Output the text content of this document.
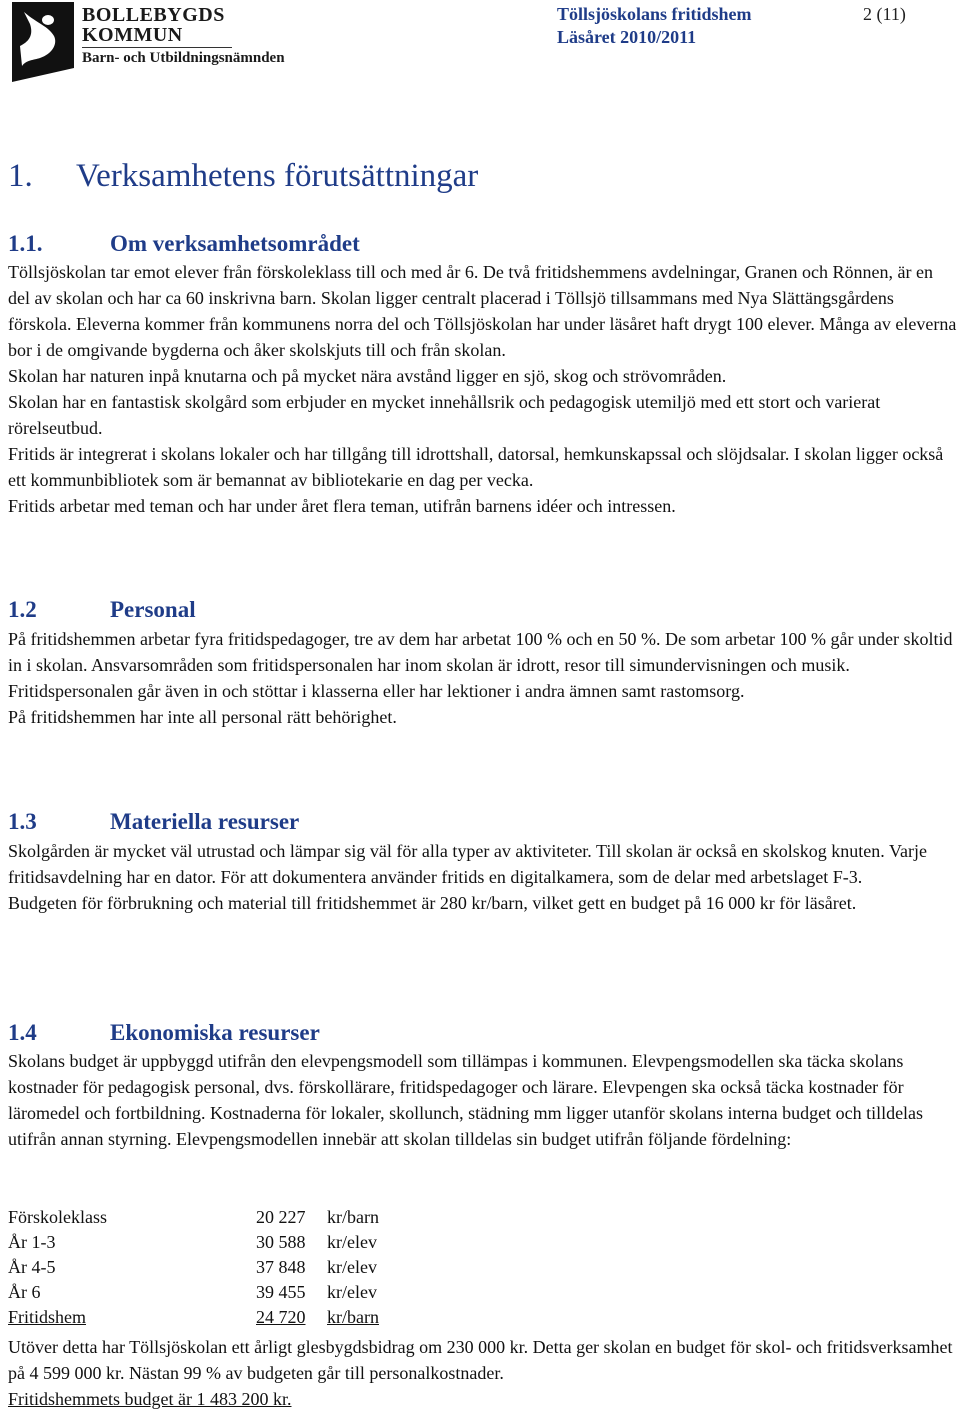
BOLLEBYGDS
KOMMUN
Barn- och Utbildningsnämnden
Töllsjöskolans fritidshem
Läsåret 2010/2011
2 (11)
1. Verksamhetens förutsättningar
1.1.	Om verksamhetsområdet

Töllsjöskolan tar emot elever från förskoleklass till och med år 6. De två fritidshemmens avdelningar, Granen och Rönnen, är en del av skolan och har ca 60 inskrivna barn. Skolan ligger centralt placerad i Töllsjö tillsammans med Nya Slättängsgårdens förskola. Eleverna kommer från kommunens norra del och Töllsjöskolan har under läsåret haft drygt 100 elever. Många av eleverna bor i de omgivande bygderna och åker skolskjuts till och från skolan.

Skolan har naturen inpå knutarna och på mycket nära avstånd ligger en sjö, skog och strövområden.

Skolan har en fantastisk skolgård som erbjuder en mycket innehållsrik och pedagogisk utemiljö med ett stort och varierat rörelseutbud.

Fritids är integrerat i skolans lokaler och har tillgång till idrottshall, datorsal, hemkunskapssal och slöjdsalar. I skolan ligger också ett kommunbibliotek som är bemannat av bibliotekarie en dag per vecka.

Fritids arbetar med teman och har under året flera teman, utifrån barnens idéer och intressen.

1.2	Personal

På fritidshemmen arbetar fyra fritidspedagoger, tre av dem har arbetat 100 % och en 50 %. De som arbetar 100 % går under skoltid in i skolan. Ansvarsområden som fritidspersonalen har inom skolan är idrott, resor till simundervisningen och musik. Fritidspersonalen går även in och stöttar i klasserna eller har lektioner i andra ämnen samt rastomsorg.

På fritidshemmen har inte all personal rätt behörighet.

1.3	Materiella resurser

Skolgården är mycket väl utrustad och lämpar sig väl för alla typer av aktiviteter. Till skolan är också en skolskog knuten. Varje fritidsavdelning har en dator. För att dokumentera använder fritids en digitalkamera, som de delar med arbetslaget F-3.

Budgeten för förbrukning och material till fritidshemmet är 280 kr/barn, vilket gett en budget på 16 000 kr för läsåret.

1.4	Ekonomiska resurser

Skolans budget är uppbyggd utifrån den elevpengsmodell som tillämpas i kommunen. Elevpengsmodellen ska täcka skolans kostnader för pedagogisk personal, dvs. förskollärare, fritidspedagoger och lärare. Elevpengen ska också täcka kostnader för läromedel och fortbildning. Kostnaderna för lokaler, skollunch, städning mm ligger utanför skolans interna budget och tilldelas utifrån annan styrning. Elevpengsmodellen innebär att skolan tilldelas sin budget utifrån följande fördelning:

Förskoleklass	20 227 kr/barn
År 1-3	30 588 kr/elev
År 4-5	37 848 kr/elev
År 6	39 455 kr/elev
Fritidshem	24 720 kr/barn

Utöver detta har Töllsjöskolan ett årligt glesbygdsbidrag om 230 000 kr. Detta ger skolan en budget för skol- och fritidsverksamhet på 4 599 000 kr. Nästan 99 % av budgeten går till personalkostnader.

Fritidshemmets budget är 1 483 200 kr.
